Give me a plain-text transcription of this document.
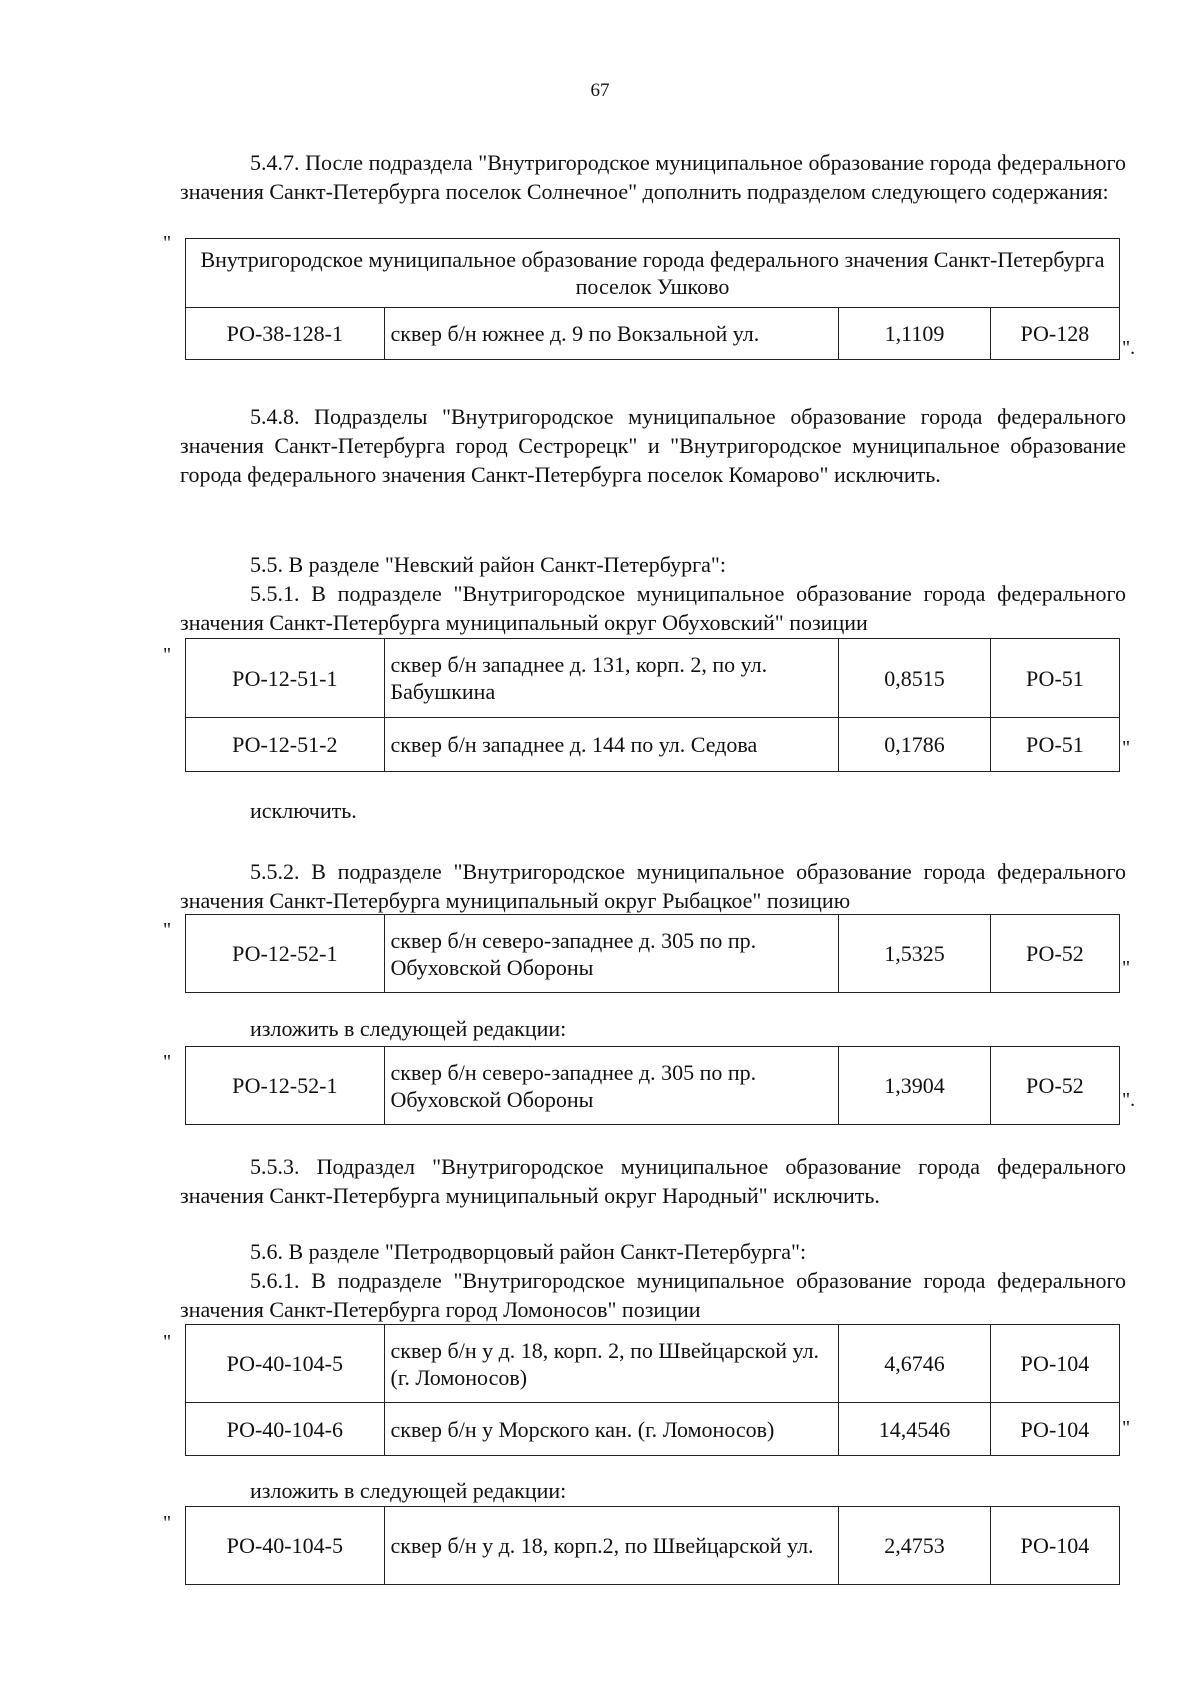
67

5.4.7. После подраздела "Внутригородское муниципальное образование города федерального значения Санкт-Петербурга поселок Солнечное" дополнить подразделом следующего содержания:

"
Внутригородское муниципальное образование города федерального значения Санкт-Петербурга поселок Ушково
РО-38-128-1	сквер б/н южнее д. 9 по Вокзальной ул.	1,1109	РО-128
".

5.4.8. Подразделы "Внутригородское муниципальное образование города федерального значения Санкт-Петербурга город Сестрорецк" и "Внутригородское муниципальное образование города федерального значения Санкт-Петербурга поселок Комарово" исключить.

5.5. В разделе "Невский район Санкт-Петербурга":

5.5.1. В подразделе "Внутригородское муниципальное образование города федерального значения Санкт-Петербурга муниципальный округ Обуховский" позиции

"
РО-12-51-1	сквер б/н западнее д. 131, корп. 2, по ул. Бабушкина	0,8515	РО-51
РО-12-51-2	сквер б/н западнее д. 144 по ул. Седова	0,1786	РО-51 "

исключить.

5.5.2. В подразделе "Внутригородское муниципальное образование города федерального значения Санкт-Петербурга муниципальный округ Рыбацкое" позицию

"
РО-12-52-1	сквер б/н северо-западнее д. 305 по пр. Обуховской Обороны	1,5325	РО-52
"

изложить в следующей редакции:

"
РО-12-52-1	сквер б/н северо-западнее д. 305 по пр. Обуховской Обороны	1,3904	РО-52
".

5.5.3. Подраздел "Внутригородское муниципальное образование города федерального значения Санкт-Петербурга муниципальный округ Народный" исключить.

5.6. В разделе "Петродворцовый район Санкт-Петербурга":

5.6.1. В подразделе "Внутригородское муниципальное образование города федерального значения Санкт-Петербурга город Ломоносов" позиции

"
РО-40-104-5	сквер б/н у д. 18, корп. 2, по Швейцарской ул. (г. Ломоносов)	4,6746	РО-104
РО-40-104-6	сквер б/н у Морского кан. (г. Ломоносов)	14,4546	РО-104 "

изложить в следующей редакции:

"
РО-40-104-5	сквер б/н у д. 18, корп.2, по Швейцарской ул.	2,4753	РО-104
